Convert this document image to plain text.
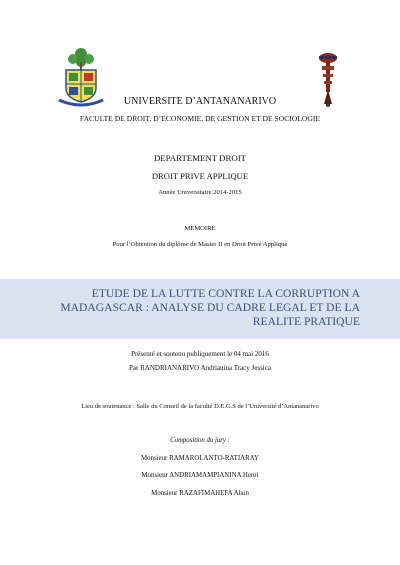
UNIVERSITE D’ANTANANARIVO
FACULTE DE DROIT, D’ECONOMIE, DE GESTION ET DE SOCIOLOGIE
DEPARTEMENT DROIT
DROIT PRIVE APPLIQUE
Année Universitaire 2014-2015
MEMOIRE
Pour l’Obtention du diplôme de Master II en Droit Privé Appliqué
ETUDE DE LA LUTTE CONTRE LA CORRUPTION A
MADAGASCAR : ANALYSE DU CADRE LEGAL ET DE LA
REALITE PRATIQUE
Présenté et soutenu publiquement le 04 mai 2016
Par RANDRIANARIVO Andrianina Tracy Jessica
Lieu de soutenance : Salle du Conseil de la faculté D.E.G.S de l’Université d’Antananarivo
Composition du jury :
Monsieur RAMAROLANTO-RATIARAY
Monsieur ANDRIAMAMPIANINA Henri
Monsieur RAZAFIMAHEFA Alain
